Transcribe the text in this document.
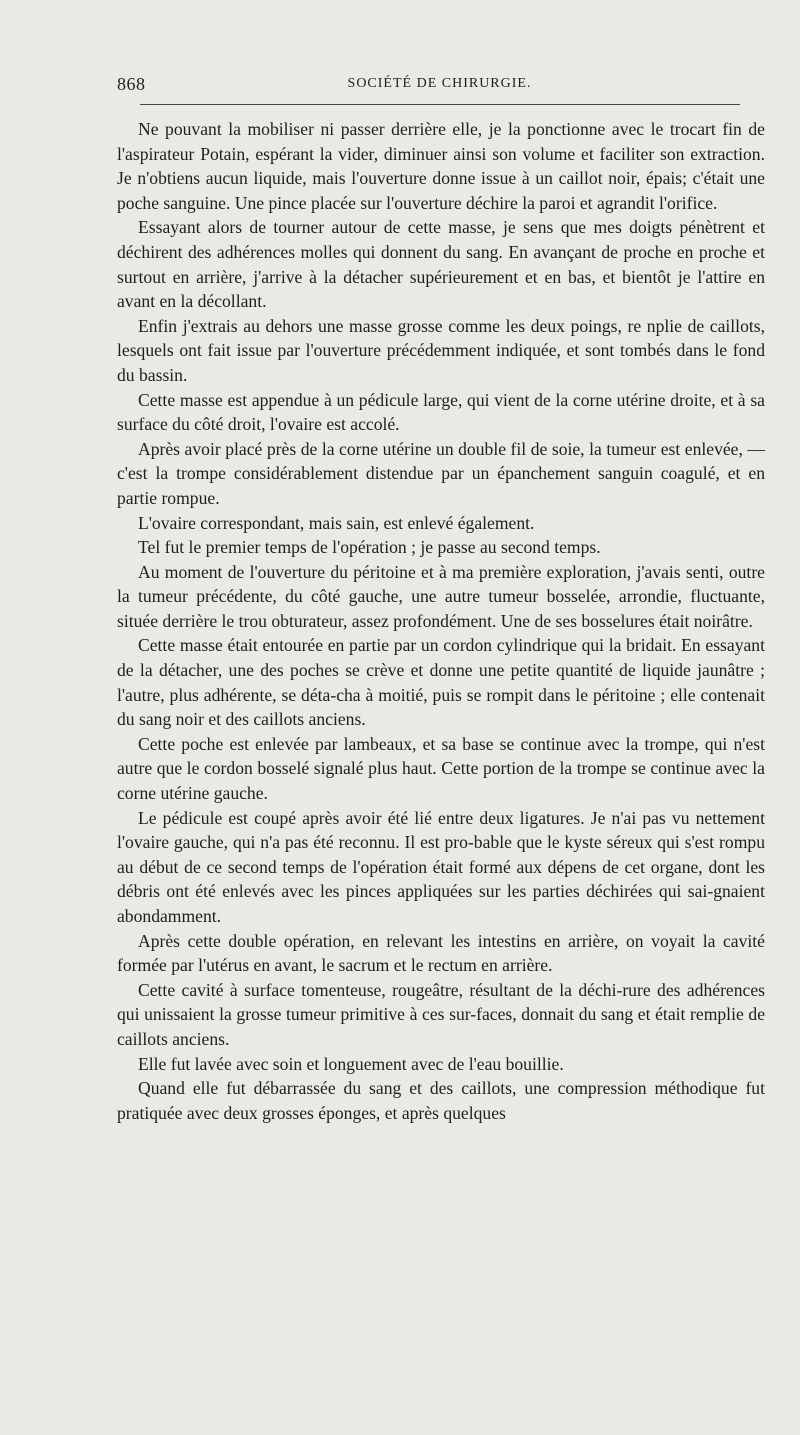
868	SOCIÉTÉ DE CHIRURGIE.

Ne pouvant la mobiliser ni passer derrière elle, je la ponctionne avec le trocart fin de l'aspirateur Potain, espérant la vider, diminuer ainsi son volume et faciliter son extraction. Je n'obtiens aucun liquide, mais l'ouverture donne issue à un caillot noir, épais; c'était une poche sanguine. Une pince placée sur l'ouverture déchire la paroi et agrandit l'orifice.

Essayant alors de tourner autour de cette masse, je sens que mes doigts pénètrent et déchirent des adhérences molles qui donnent du sang. En avançant de proche en proche et surtout en arrière, j'arrive à la détacher supérieurement et en bas, et bientôt je l'attire en avant en la décollant.

Enfin j'extrais au dehors une masse grosse comme les deux poings, re nplie de caillots, lesquels ont fait issue par l'ouverture précédemment indiquée, et sont tombés dans le fond du bassin.

Cette masse est appendue à un pédicule large, qui vient de la corne utérine droite, et à sa surface du côté droit, l'ovaire est accolé.

Après avoir placé près de la corne utérine un double fil de soie, la tumeur est enlevée, — c'est la trompe considérablement distendue par un épanchement sanguin coagulé, et en partie rompue.

L'ovaire correspondant, mais sain, est enlevé également.

Tel fut le premier temps de l'opération ; je passe au second temps.

Au moment de l'ouverture du péritoine et à ma première exploration, j'avais senti, outre la tumeur précédente, du côté gauche, une autre tumeur bosselée, arrondie, fluctuante, située derrière le trou obturateur, assez profondément. Une de ses bosselures était noirâtre.

Cette masse était entourée en partie par un cordon cylindrique qui la bridait. En essayant de la détacher, une des poches se crève et donne une petite quantité de liquide jaunâtre ; l'autre, plus adhérente, se déta-cha à moitié, puis se rompit dans le péritoine ; elle contenait du sang noir et des caillots anciens.

Cette poche est enlevée par lambeaux, et sa base se continue avec la trompe, qui n'est autre que le cordon bosselé signalé plus haut. Cette portion de la trompe se continue avec la corne utérine gauche.

Le pédicule est coupé après avoir été lié entre deux ligatures. Je n'ai pas vu nettement l'ovaire gauche, qui n'a pas été reconnu. Il est pro-bable que le kyste séreux qui s'est rompu au début de ce second temps de l'opération était formé aux dépens de cet organe, dont les débris ont été enlevés avec les pinces appliquées sur les parties déchirées qui sai-gnaient abondamment.

Après cette double opération, en relevant les intestins en arrière, on voyait la cavité formée par l'utérus en avant, le sacrum et le rectum en arrière.

Cette cavité à surface tomenteuse, rougeâtre, résultant de la déchi-rure des adhérences qui unissaient la grosse tumeur primitive à ces sur-faces, donnait du sang et était remplie de caillots anciens.

Elle fut lavée avec soin et longuement avec de l'eau bouillie.

Quand elle fut débarrassée du sang et des caillots, une compression méthodique fut pratiquée avec deux grosses éponges, et après quelques
